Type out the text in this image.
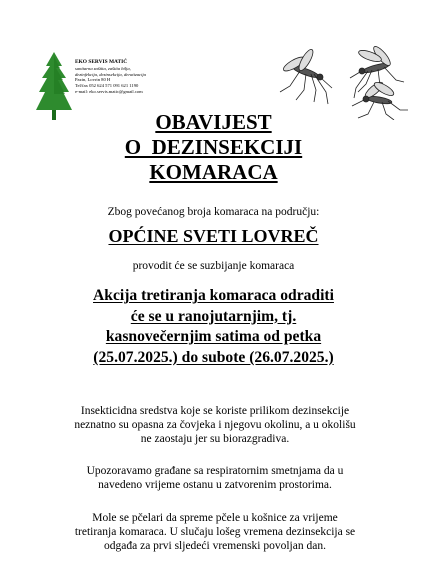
EKO SERVIS MATIĆ
sanitarna zaštita, zaštita bilja,
dezinfekcija, dezinsekcija, deratizacija
Pazin, Lovrin 80 H
Tel/fax 052 624 571 091 621 1190
e-mail: eko.servis.matic@gmail.com
OBAVIJEST
O  DEZINSEKCIJI
KOMARACA
Zbog povećanog broja komaraca na području:
OPĆINE SVETI LOVREČ
provodit će se suzbijanje komaraca
Akcija tretiranja komaraca odraditi
će se u ranojutarnjim, tj.
kasnovečernjim satima od petka
(25.07.2025.) do subote (26.07.2025.)
Insekticidna sredstva koje se koriste prilikom dezinsekcije
neznatno su opasna za čovjeka i njegovu okolinu, a u okolišu
ne zaostaju jer su biorazgradiva.
Upozoravamo građane sa respiratornim smetnjama da u
navedeno vrijeme ostanu u zatvorenim prostorima.
Mole se pčelari da spreme pčele u košnice za vrijeme
tretiranja komaraca. U slučaju lošeg vremena dezinsekcija se
odgađa za prvi sljedeći vremenski povoljan dan.
